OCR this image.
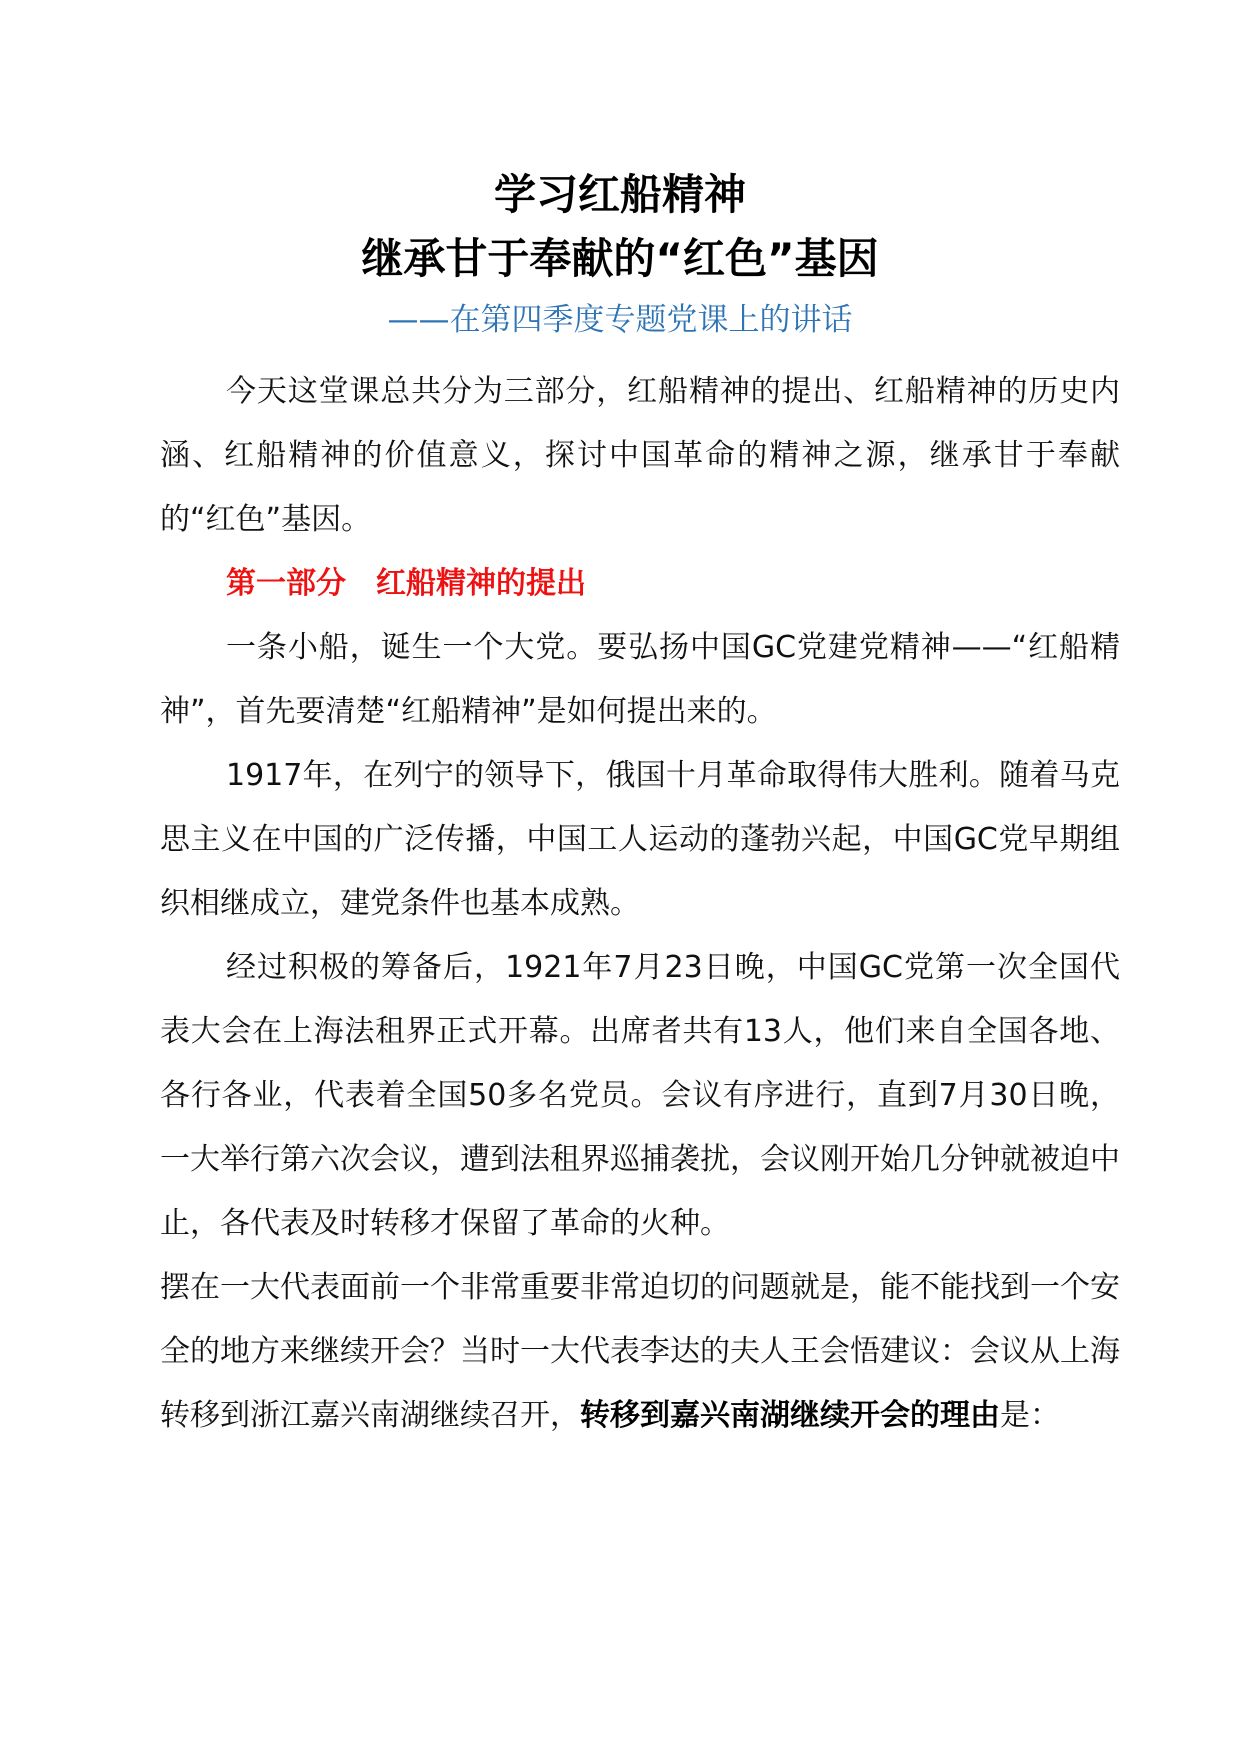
学习红船精神
继承甘于奉献的“红色”基因
——在第四季度专题党课上的讲话

今天这堂课总共分为三部分，红船精神的提出、红船精神的历史内涵、红船精神的价值意义，探讨中国革命的精神之源，继承甘于奉献的“红色”基因。

第一部分　红船精神的提出

一条小船，诞生一个大党。要弘扬中国GC党建党精神——“红船精神”，首先要清楚“红船精神”是如何提出来的。

1917年，在列宁的领导下，俄国十月革命取得伟大胜利。随着马克思主义在中国的广泛传播，中国工人运动的蓬勃兴起，中国GC党早期组织相继成立，建党条件也基本成熟。

经过积极的筹备后，1921年7月23日晚，中国GC党第一次全国代表大会在上海法租界正式开幕。出席者共有13人，他们来自全国各地、各行各业，代表着全国50多名党员。会议有序进行，直到7月30日晚，一大举行第六次会议，遭到法租界巡捕袭扰，会议刚开始几分钟就被迫中止，各代表及时转移才保留了革命的火种。

摆在一大代表面前一个非常重要非常迫切的问题就是，能不能找到一个安全的地方来继续开会？当时一大代表李达的夫人王会悟建议：会议从上海转移到浙江嘉兴南湖继续召开，转移到嘉兴南湖继续开会的理由是：
